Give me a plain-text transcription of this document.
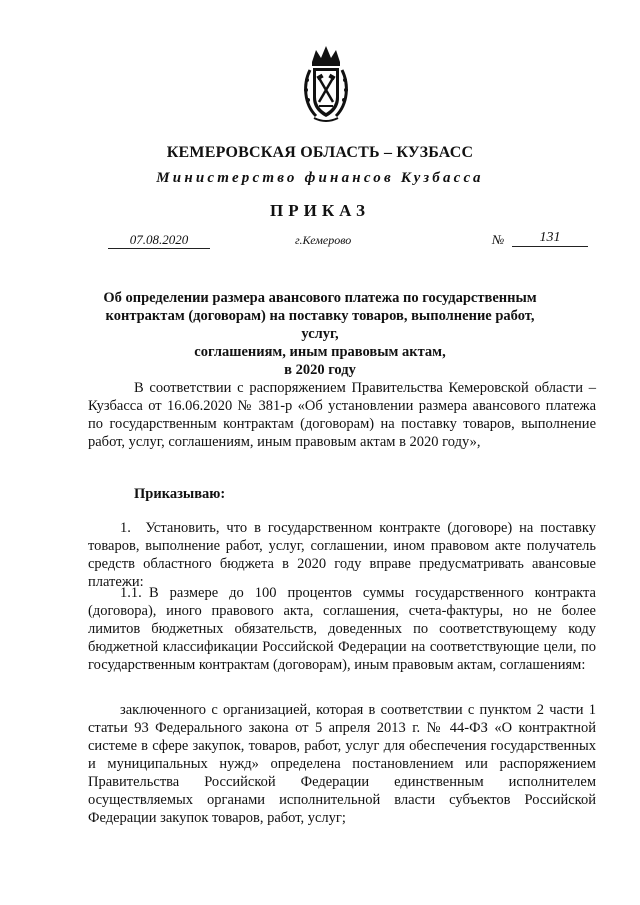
КЕМЕРОВСКАЯ ОБЛАСТЬ – КУЗБАСС
Министерство финансов Кузбасса
ПРИКАЗ
07.08.2020	г.Кемерово	№	131
Об определении размера авансового платежа по государственным
контрактам (договорам) на поставку товаров, выполнение работ, услуг,
соглашениям, иным правовым актам,
в 2020 году

В соответствии с распоряжением Правительства Кемеровской области – Кузбасса от 16.06.2020 № 381-р «Об установлении размера авансового платежа по государственным контрактам (договорам) на поставку товаров, выполнение работ, услуг, соглашениям, иным правовым актам в 2020 году»,

Приказываю:

1. Установить, что в государственном контракте (договоре) на поставку товаров, выполнение работ, услуг, соглашении, ином правовом акте получатель средств областного бюджета в 2020 году вправе предусматривать авансовые платежи:

1.1. В размере до 100 процентов суммы государственного контракта (договора), иного правового акта, соглашения, счета-фактуры, но не более лимитов бюджетных обязательств, доведенных по соответствующему коду бюджетной классификации Российской Федерации на соответствующие цели, по государственным контрактам (договорам), иным правовым актам, соглашениям:

заключенного с организацией, которая в соответствии с пунктом 2 части 1 статьи 93 Федерального закона от 5 апреля 2013 г. № 44-ФЗ «О контрактной системе в сфере закупок, товаров, работ, услуг для обеспечения государственных и муниципальных нужд» определена постановлением или распоряжением Правительства Российской Федерации единственным исполнителем осуществляемых органами исполнительной власти субъектов Российской Федерации закупок товаров, работ, услуг;
